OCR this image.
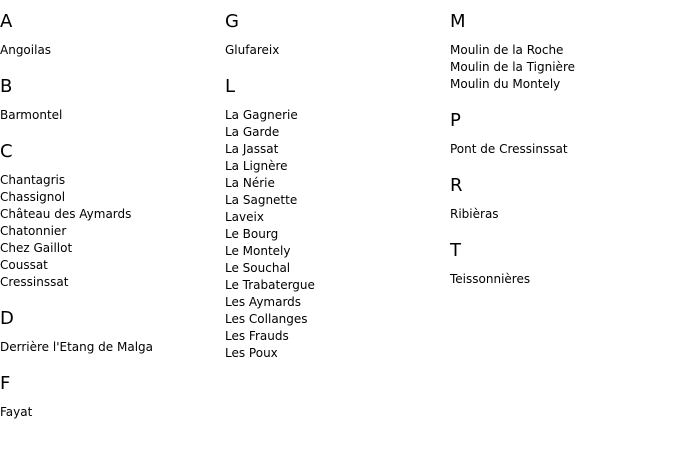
A
Angoilas
B
Barmontel
C
Chantagris
Chassignol
Château des Aymards
Chatonnier
Chez Gaillot
Coussat
Cressinssat
D
Derrière l'Etang de Malga
F
Fayat
G
Glufareix
L
La Gagnerie
La Garde
La Jassat
La Lignère
La Nérie
La Sagnette
Laveix
Le Bourg
Le Montely
Le Souchal
Le Trabatergue
Les Aymards
Les Collanges
Les Frauds
Les Poux
M
Moulin de la Roche
Moulin de la Tignière
Moulin du Montely
P
Pont de Cressinssat
R
Ribièras
T
Teissonnières
